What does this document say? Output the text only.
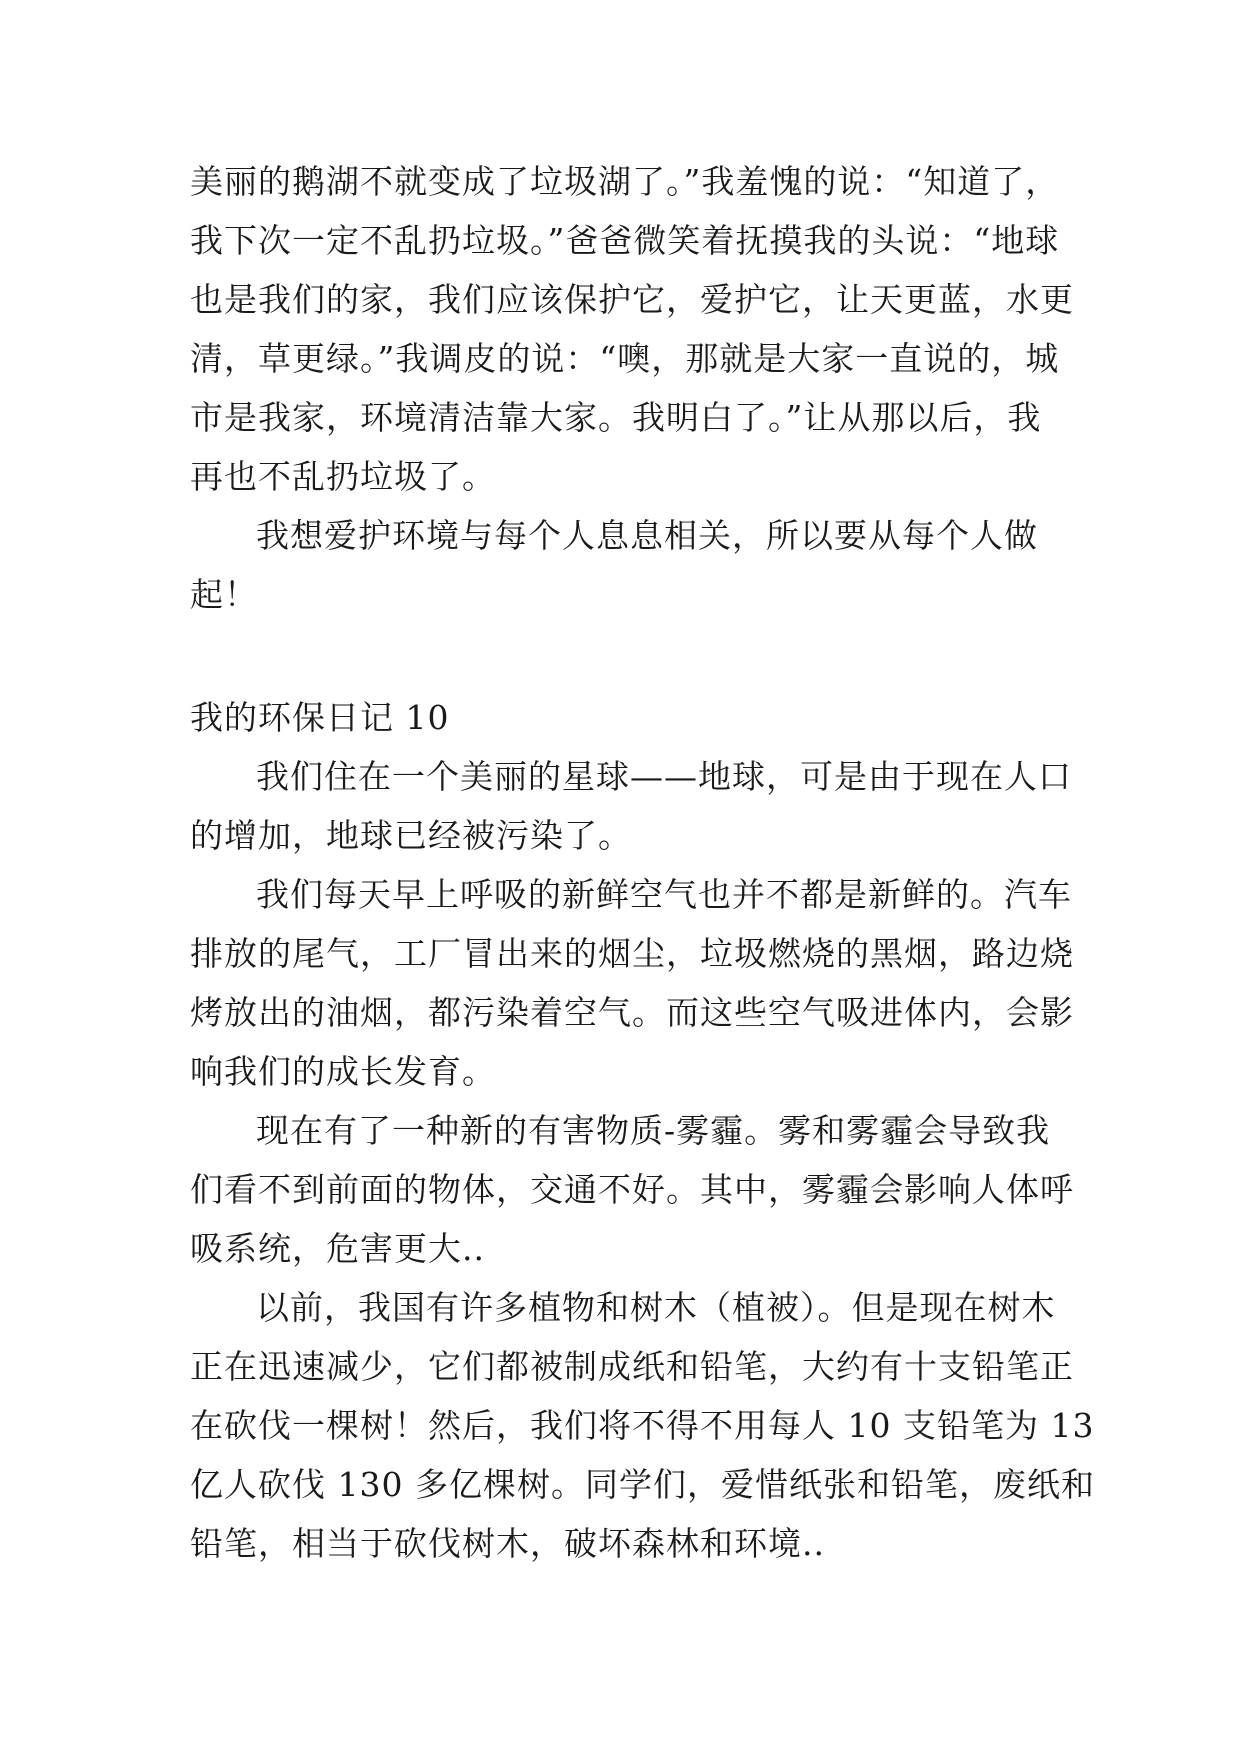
美丽的鹅湖不就变成了垃圾湖了。”我羞愧的说：“知道了，
我下次一定不乱扔垃圾。”爸爸微笑着抚摸我的头说：“地球
也是我们的家，我们应该保护它，爱护它，让天更蓝，水更
清，草更绿。”我调皮的说：“噢，那就是大家一直说的，城
市是我家，环境清洁靠大家。我明白了。”让从那以后，我
再也不乱扔垃圾了。
我想爱护环境与每个人息息相关，所以要从每个人做
起！
我的环保日记 10
我们住在一个美丽的星球——地球，可是由于现在人口
的增加，地球已经被污染了。
我们每天早上呼吸的新鲜空气也并不都是新鲜的。汽车
排放的尾气，工厂冒出来的烟尘，垃圾燃烧的黑烟，路边烧
烤放出的油烟，都污染着空气。而这些空气吸进体内，会影
响我们的成长发育。
现在有了一种新的有害物质-雾霾。雾和雾霾会导致我
们看不到前面的物体，交通不好。其中，雾霾会影响人体呼
吸系统，危害更大..
以前，我国有许多植物和树木（植被）。但是现在树木
正在迅速减少，它们都被制成纸和铅笔，大约有十支铅笔正
在砍伐一棵树！然后，我们将不得不用每人 10 支铅笔为 13
亿人砍伐 130 多亿棵树。同学们，爱惜纸张和铅笔，废纸和
铅笔，相当于砍伐树木，破坏森林和环境..
